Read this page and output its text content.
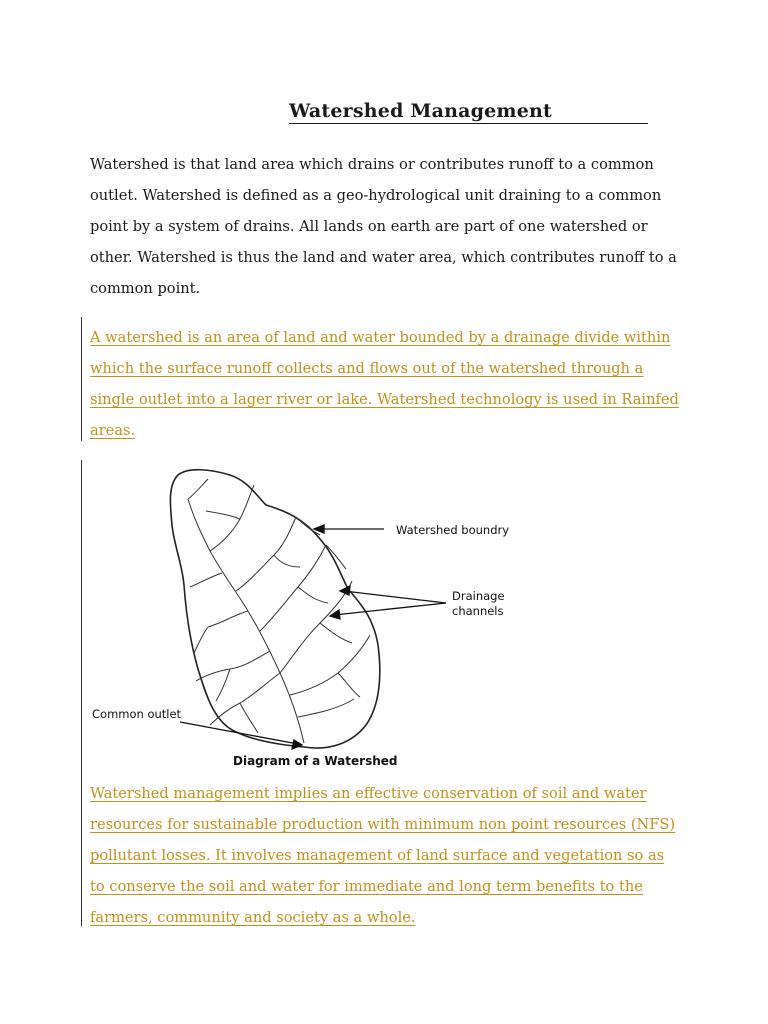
Watershed Management

Watershed is that land area which drains or contributes runoff to a common outlet. Watershed is defined as a geo-hydrological unit draining to a common point by a system of drains. All lands on earth are part of one watershed or other. Watershed is thus the land and water area, which contributes runoff to a common point.

A watershed is an area of land and water bounded by a drainage divide within which the surface runoff collects and flows out of the watershed through a single outlet into a lager river or lake. Watershed technology is used in Rainfed areas.

Watershed boundry
Drainage
channels
Common outlet
Diagram of a Watershed

Watershed management implies an effective conservation of soil and water resources for sustainable production with minimum non point resources (NFS) pollutant losses. It involves management of land surface and vegetation so as to conserve the soil and water for immediate and long term benefits to the farmers, community and society as a whole.
